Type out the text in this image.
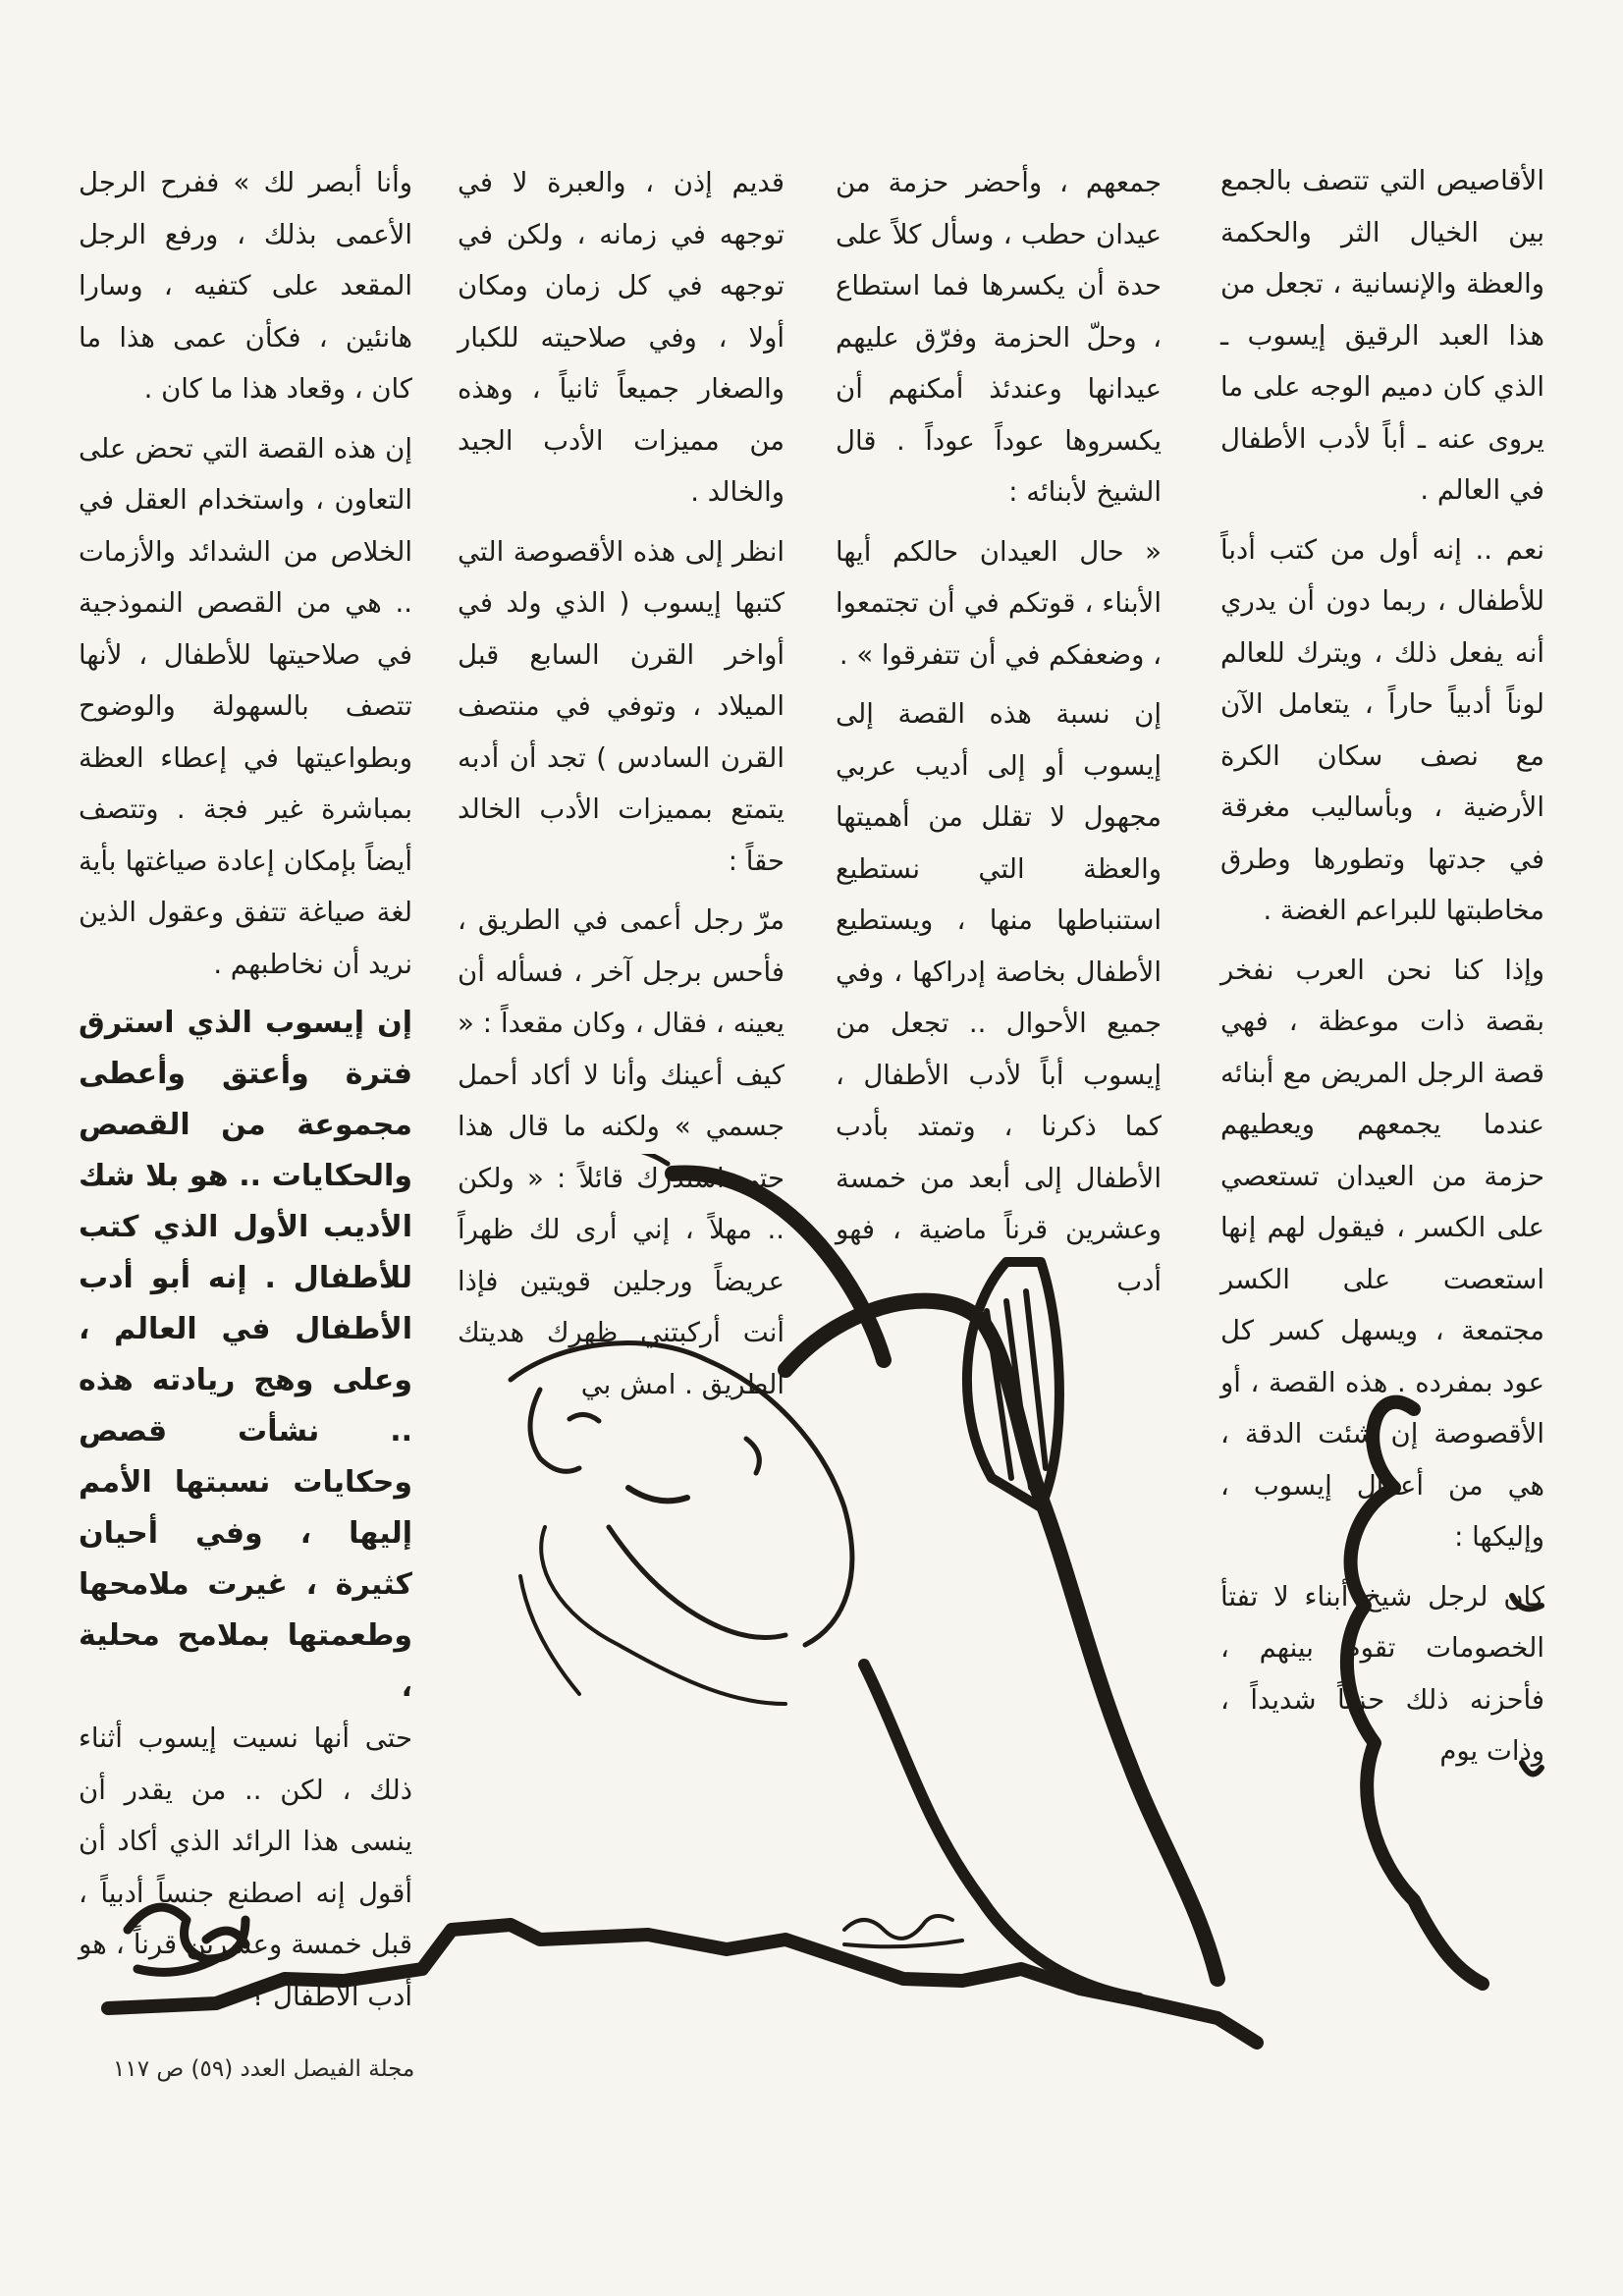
الأقاصيص التي تتصف بالجمع بين الخيال الثر والحكمة والعظة والإنسانية ، تجعل من هذا العبد الرقيق إيسوب ـ الذي كان دميم الوجه على ما يروى عنه ـ أباً لأدب الأطفال في العالم .

نعم .. إنه أول من كتب أدباً للأطفال ، ربما دون أن يدري أنه يفعل ذلك ، ويترك للعالم لوناً أدبياً حاراً ، يتعامل الآن مع نصف سكان الكرة الأرضية ، وبأساليب مغرقة في جدتها وتطورها وطرق مخاطبتها للبراعم الغضة .

وإذا كنا نحن العرب نفخر بقصة ذات موعظة ، فهي قصة الرجل المريض مع أبنائه عندما يجمعهم ويعطيهم حزمة من العيدان تستعصي على الكسر ، فيقول لهم إنها استعصت على الكسر مجتمعة ، ويسهل كسر كل عود بمفرده . هذه القصة ، أو الأقصوصة إن شئت الدقة ، هي من أعمال إيسوب ، وإليكها :

كان لرجل شيخ أبناء لا تفتأ الخصومات تقوم بينهم ، فأحزنه ذلك حزناً شديداً ، وذات يوم

جمعهم ، وأحضر حزمة من عيدان حطب ، وسأل كلاً على حدة أن يكسرها فما استطاع ، وحلّ الحزمة وفرّق عليهم عيدانها وعندئذ أمكنهم أن يكسروها عوداً عوداً . قال الشيخ لأبنائه :

« حال العيدان حالكم أيها الأبناء ، قوتكم في أن تجتمعوا ، وضعفكم في أن تتفرقوا » .

إن نسبة هذه القصة إلى إيسوب أو إلى أديب عربي مجهول لا تقلل من أهميتها والعظة التي نستطيع استنباطها منها ، ويستطيع الأطفال بخاصة إدراكها ، وفي جميع الأحوال .. تجعل من إيسوب أباً لأدب الأطفال ، كما ذكرنا ، وتمتد بأدب الأطفال إلى أبعد من خمسة وعشرين قرناً ماضية ، فهو أدب

قديم إذن ، والعبرة لا في توجهه في زمانه ، ولكن في توجهه في كل زمان ومكان أولا ، وفي صلاحيته للكبار والصغار جميعاً ثانياً ، وهذه من مميزات الأدب الجيد والخالد .

انظر إلى هذه الأقصوصة التي كتبها إيسوب ( الذي ولد في أواخر القرن السابع قبل الميلاد ، وتوفي في منتصف القرن السادس ) تجد أن أدبه يتمتع بمميزات الأدب الخالد حقاً :

مرّ رجل أعمى في الطريق ، فأحس برجل آخر ، فسأله أن يعينه ، فقال ، وكان مقعداً : « كيف أعينك وأنا لا أكاد أحمل جسمي » ولكنه ما قال هذا حتى استدرك قائلاً : « ولكن .. مهلاً ، إني أرى لك ظهراً عريضاً ورجلين قويتين فإذا أنت أركبتني ظهرك هديتك الطريق . امش بي

وأنا أبصر لك » ففرح الرجل الأعمى بذلك ، ورفع الرجل المقعد على كتفيه ، وسارا هانئين ، فكأن عمى هذا ما كان ، وقعاد هذا ما كان .

إن هذه القصة التي تحض على التعاون ، واستخدام العقل في الخلاص من الشدائد والأزمات .. هي من القصص النموذجية في صلاحيتها للأطفال ، لأنها تتصف بالسهولة والوضوح وبطواعيتها في إعطاء العظة بمباشرة غير فجة . وتتصف أيضاً بإمكان إعادة صياغتها بأية لغة صياغة تتفق وعقول الذين نريد أن نخاطبهم .

إن إيسوب الذي استرق فترة وأعتق وأعطى مجموعة من القصص والحكايات .. هو بلا شك الأديب الأول الذي كتب للأطفال . إنه أبو أدب الأطفال في العالم ، وعلى وهج ريادته هذه .. نشأت قصص وحكايات نسبتها الأمم إليها ، وفي أحيان كثيرة ، غيرت ملامحها وطعمتها بملامح محلية ،

حتى أنها نسيت إيسوب أثناء ذلك ، لكن .. من يقدر أن ينسى هذا الرائد الذي أكاد أن أقول إنه اصطنع جنساً أدبياً ، قبل خمسة وعشرين قرناً ، هو أدب الأطفال ؟

مجلة الفيصل العدد (٥٩) ص ١١٧
